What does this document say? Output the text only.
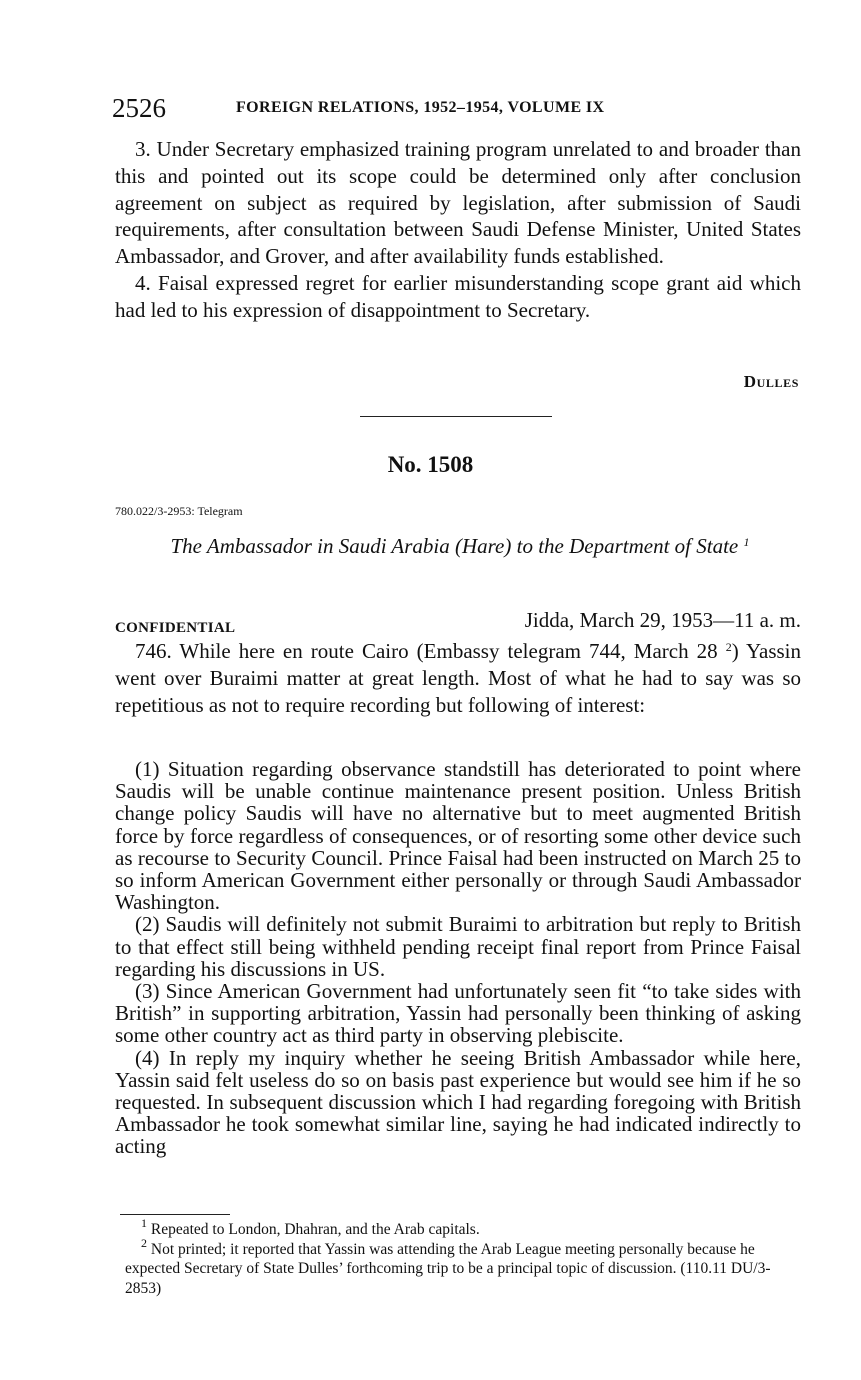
2526	FOREIGN RELATIONS, 1952–1954, VOLUME IX

3. Under Secretary emphasized training program unrelated to and broader than this and pointed out its scope could be determined only after conclusion agreement on subject as required by legislation, after submission of Saudi requirements, after consultation between Saudi Defense Minister, United States Ambassador, and Grover, and after availability funds established.

4. Faisal expressed regret for earlier misunderstanding scope grant aid which had led to his expression of disappointment to Secretary.

Dulles
No. 1508
780.022/3-2953: Telegram
The Ambassador in Saudi Arabia (Hare) to the Department of State $^1$
CONFIDENTIAL	Jidda, March 29, 1953—11 a. m.

746. While here en route Cairo (Embassy telegram 744, March 28 $^2$) Yassin went over Buraimi matter at great length. Most of what he had to say was so repetitious as not to require recording but following of interest:

(1) Situation regarding observance standstill has deteriorated to point where Saudis will be unable continue maintenance present position. Unless British change policy Saudis will have no alternative but to meet augmented British force by force regardless of consequences, or of resorting some other device such as recourse to Security Council. Prince Faisal had been instructed on March 25 to so inform American Government either personally or through Saudi Ambassador Washington.

(2) Saudis will definitely not submit Buraimi to arbitration but reply to British to that effect still being withheld pending receipt final report from Prince Faisal regarding his discussions in US.

(3) Since American Government had unfortunately seen fit “to take sides with British” in supporting arbitration, Yassin had personally been thinking of asking some other country act as third party in observing plebiscite.

(4) In reply my inquiry whether he seeing British Ambassador while here, Yassin said felt useless do so on basis past experience but would see him if he so requested. In subsequent discussion which I had regarding foregoing with British Ambassador he took somewhat similar line, saying he had indicated indirectly to acting

$^1$ Repeated to London, Dhahran, and the Arab capitals.

$^2$ Not printed; it reported that Yassin was attending the Arab League meeting personally because he expected Secretary of State Dulles’ forthcoming trip to be a principal topic of discussion. (110.11 DU/3-2853)
